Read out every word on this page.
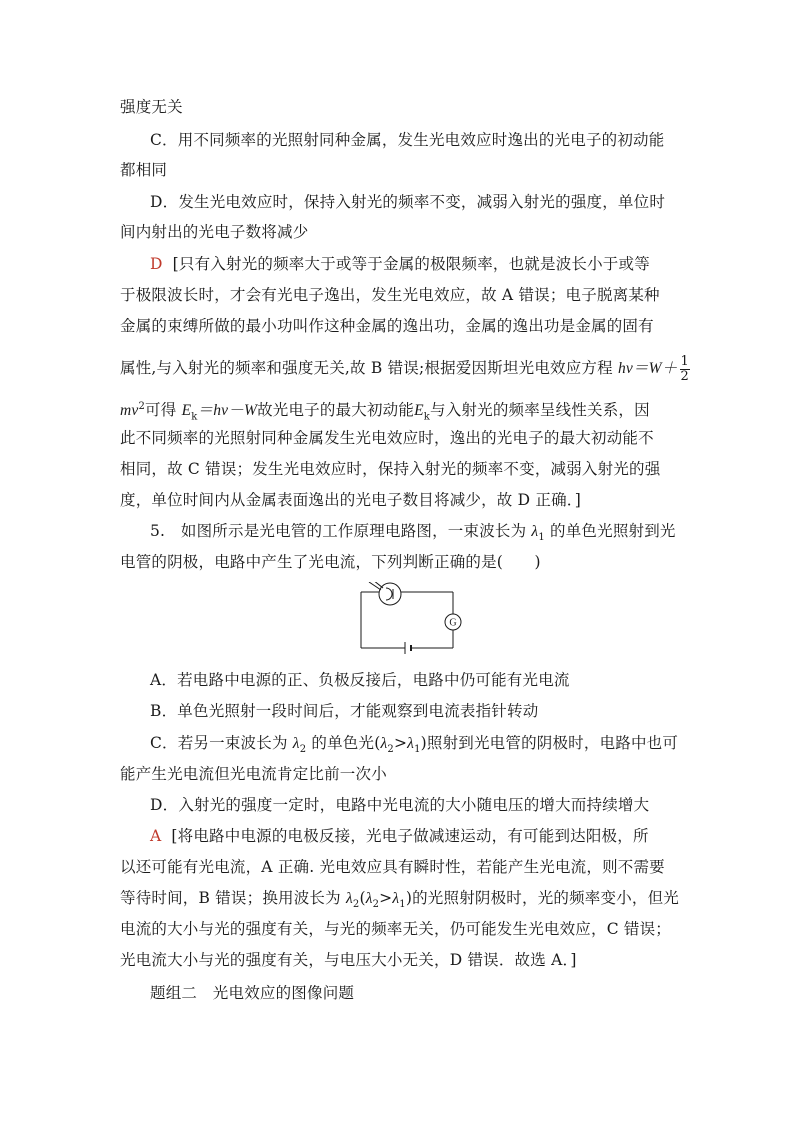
强度无关
C．用不同频率的光照射同种金属，发生光电效应时逸出的光电子的初动能
都相同
D．发生光电效应时，保持入射光的频率不变，减弱入射光的强度，单位时
间内射出的光电子数将减少
D [只有入射光的频率大于或等于金属的极限频率，也就是波长小于或等
于极限波长时，才会有光电子逸出，发生光电效应，故 A 错误；电子脱离某种
金属的束缚所做的最小功叫作这种金属的逸出功，金属的逸出功是金属的固有
属性,与入射光的频率和强度无关,故 B 错误;根据爱因斯坦光电效应方程 $h\nu=W+ \frac{1}{2}$
$mv^2$可得 $E_k=h\nu-W$故光电子的最大初动能$E_k$与入射光的频率呈线性关系，因
此不同频率的光照射同种金属发生光电效应时，逸出的光电子的最大初动能不
相同，故 C 错误；发生光电效应时，保持入射光的频率不变，减弱入射光的强
度，单位时间内从金属表面逸出的光电子数目将减少，故 D 正确．]
5.　如图所示是光电管的工作原理电路图，一束波长为 $\lambda_1$ 的单色光照射到光
电管的阴极，电路中产生了光电流，下列判断正确的是(　　)
G
A．若电路中电源的正、负极反接后，电路中仍可能有光电流
B．单色光照射一段时间后，才能观察到电流表指针转动
C．若另一束波长为 $\lambda_2$ 的单色光$(\lambda_2>\lambda_1)$照射到光电管的阴极时，电路中也可
能产生光电流但光电流肯定比前一次小
D．入射光的强度一定时，电路中光电流的大小随电压的增大而持续增大
A [将电路中电源的电极反接，光电子做减速运动，有可能到达阳极，所
以还可能有光电流，A 正确. 光电效应具有瞬时性，若能产生光电流，则不需要
等待时间，B 错误；换用波长为 $\lambda_2(\lambda_2>\lambda_1)$的光照射阴极时，光的频率变小，但光
电流的大小与光的强度有关，与光的频率无关，仍可能发生光电效应，C 错误；
光电流大小与光的强度有关，与电压大小无关，D 错误．故选 A．]
题组二　光电效应的图像问题
